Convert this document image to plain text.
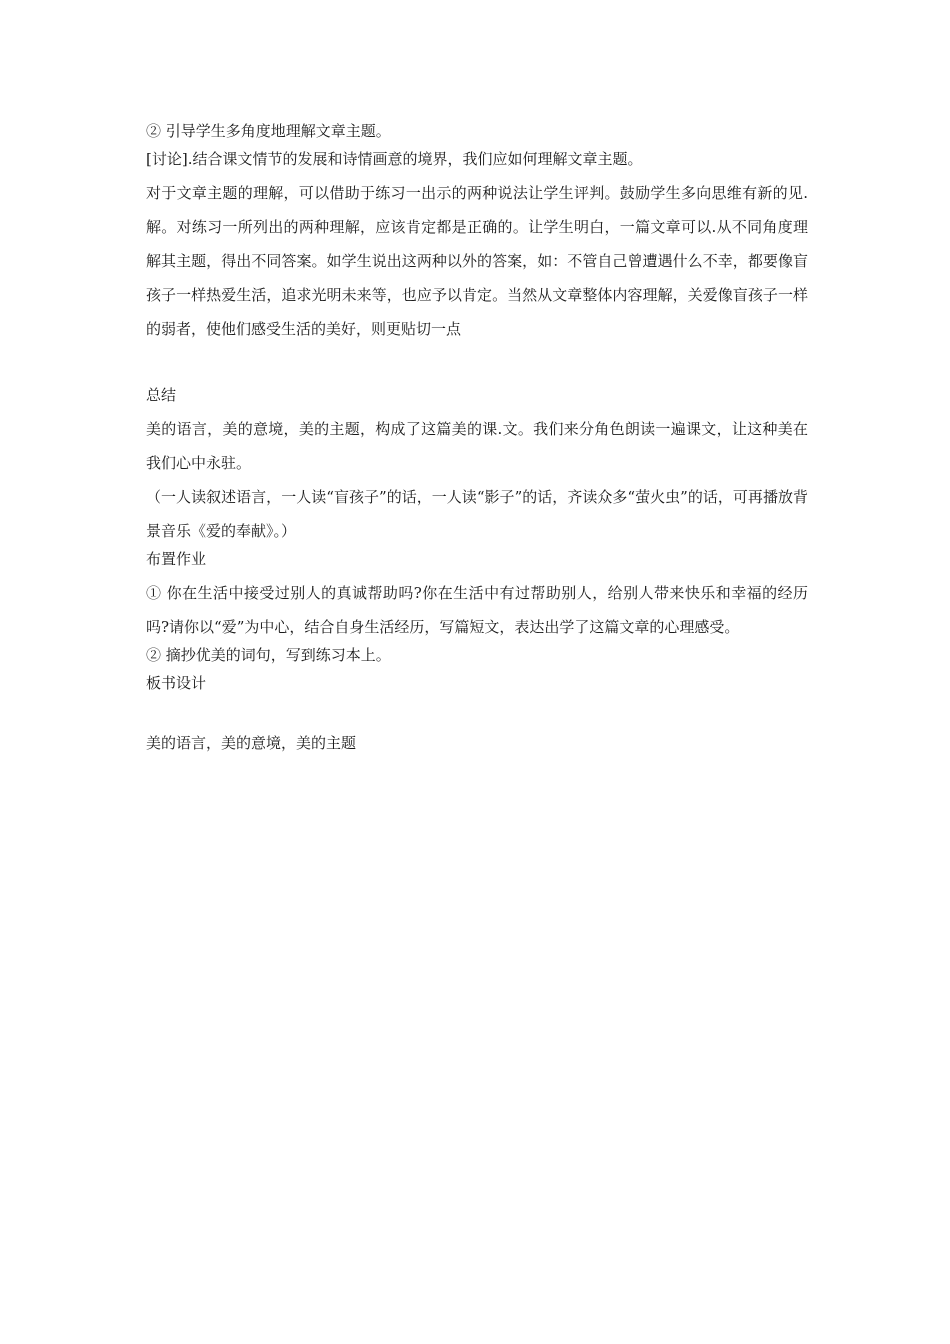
② 引导学生多角度地理解文章主题。

[讨论].结合课文情节的发展和诗情画意的境界，我们应如何理解文章主题。

对于文章主题的理解，可以借助于练习一出示的两种说法让学生评判。鼓励学生多向思维有新的见.解。对练习一所列出的两种理解，应该肯定都是正确的。让学生明白，一篇文章可以.从不同角度理解其主题，得出不同答案。如学生说出这两种以外的答案，如：不管自己曾遭遇什么不幸，都要像盲孩子一样热爱生活，追求光明未来等，也应予以肯定。当然从文章整体内容理解，关爱像盲孩子一样的弱者，使他们感受生活的美好，则更贴切一点

总结

美的语言，美的意境，美的主题，构成了这篇美的课.文。我们来分角色朗读一遍课文，让这种美在我们心中永驻。

（一人读叙述语言，一人读“盲孩子”的话，一人读“影子”的话，齐读众多“萤火虫”的话，可再播放背景音乐《爱的奉献》。）

布置作业

① 你在生活中接受过别人的真诚帮助吗?你在生活中有过帮助别人，给别人带来快乐和幸福的经历吗?请你以“爱”为中心，结合自身生活经历，写篇短文，表达出学了这篇文章的心理感受。

② 摘抄优美的词句，写到练习本上。

板书设计

美的语言，美的意境，美的主题
